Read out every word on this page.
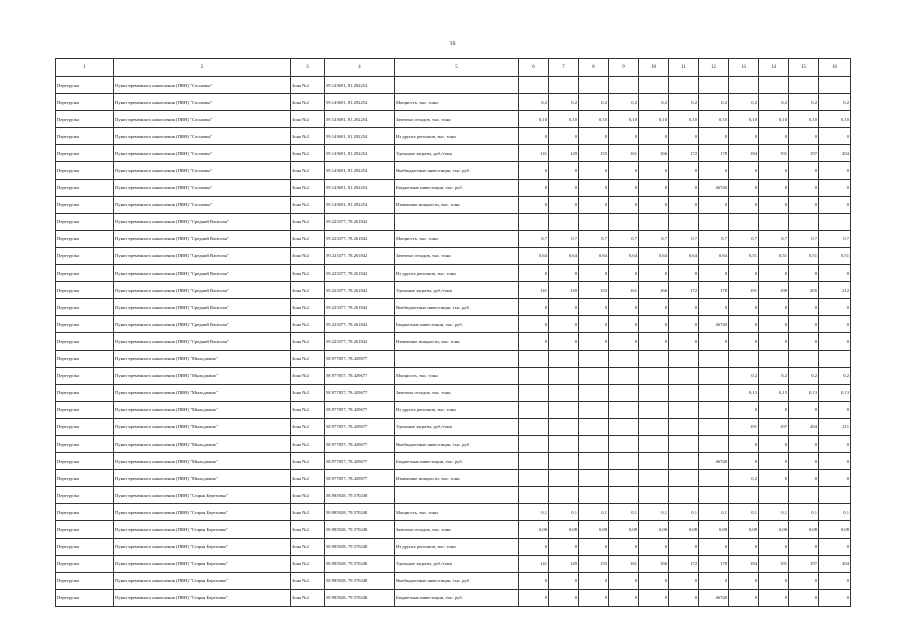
16
1	2	3	4	5	6	7	8	9	10	11	12	13	14	15	16
Перегрузка	Пункт временного накопления (ПВН) "Сосновка"	Зона №2	59.143691, 81.292254												
Перегрузка	Пункт временного накопления (ПВН) "Сосновка"	Зона №2	59.143691, 81.292254	Мощность, тыс. тонн	0,2	0,2	0,2	0,2	0,2	0,2	0,2	0,2	0,2	0,2	0,2
Перегрузка	Пункт временного накопления (ПВН) "Сосновка"	Зона №2	59.143691, 81.292254	Завезено отходов, тыс. тонн	0,10	0,10	0,10	0,10	0,10	0,10	0,10	0,10	0,10	0,10	0,10
Перегрузка	Пункт временного накопления (ПВН) "Сосновка"	Зона №2	59.143691, 81.292254	Из других регионов, тыс. тонн	0	0	0	0	0	0	0	0	0	0	0
Перегрузка	Пункт временного накопления (ПВН) "Сосновка"	Зона №2	59.143691, 81.292254	Удельные затраты, руб./тонн	141	149	155	161	166	172	178	184	191	197	204
Перегрузка	Пункт временного накопления (ПВН) "Сосновка"	Зона №2	59.143691, 81.292254	Внебюджетные инвестиции, тыс. руб.	0	0	0	0	0	0	0	0	0	0	0
Перегрузка	Пункт временного накопления (ПВН) "Сосновка"	Зона №2	59.143691, 81.292254	Бюджетные инвестиции, тыс. руб.	0	0	0	0	0	0	46740	0	0	0	0
Перегрузка	Пункт временного накопления (ПВН) "Сосновка"	Зона №2	59.143691, 81.292254	Изменение мощности, тыс. тонн	0	0	0	0	0	0	0	0	0	0	0
Перегрузка	Пункт временного накопления (ПВН) "Средний Васюган"	Зона №2	59.223377, 78.261842												
Перегрузка	Пункт временного накопления (ПВН) "Средний Васюган"	Зона №2	59.223377, 78.261842	Мощность, тыс. тонн	0,7	0,7	0,7	0,7	0,7	0,7	0,7	0,7	0,7	0,7	0,7
Перегрузка	Пункт временного накопления (ПВН) "Средний Васюган"	Зона №2	59.223377, 78.261842	Завезено отходов, тыс. тонн	0,64	0,64	0,64	0,64	0,64	0,64	0,64	0,51	0,51	0,51	0,51
Перегрузка	Пункт временного накопления (ПВН) "Средний Васюган"	Зона №2	59.223377, 78.261842	Из других регионов, тыс. тонн	0	0	0	0	0	0	0	0	0	0	0
Перегрузка	Пункт временного накопления (ПВН) "Средний Васюган"	Зона №2	59.223377, 78.261842	Удельные затраты, руб./тонн	141	149	155	161	166	172	178	191	198	205	212
Перегрузка	Пункт временного накопления (ПВН) "Средний Васюган"	Зона №2	59.223377, 78.261842	Внебюджетные инвестиции, тыс. руб.	0	0	0	0	0	0	0	0	0	0	0
Перегрузка	Пункт временного накопления (ПВН) "Средний Васюган"	Зона №2	59.223377, 78.261842	Бюджетные инвестиции, тыс. руб.	0	0	0	0	0	0	46740	0	0	0	0
Перегрузка	Пункт временного накопления (ПВН) "Средний Васюган"	Зона №2	59.223377, 78.261842	Изменение мощности, тыс. тонн	0	0	0	0	0	0	0	0	0	0	0
Перегрузка	Пункт временного накопления (ПВН) "Мыльджино"	Зона №2	58.977857, 78.429677												
Перегрузка	Пункт временного накопления (ПВН) "Мыльджино"	Зона №2	58.977857, 78.429677	Мощность, тыс. тонн								0,2	0,2	0,2	0,2
Перегрузка	Пункт временного накопления (ПВН) "Мыльджино"	Зона №2	58.977857, 78.429677	Завезено отходов, тыс. тонн								0,13	0,13	0,13	0,13
Перегрузка	Пункт временного накопления (ПВН) "Мыльджино"	Зона №2	58.977857, 78.429677	Из других регионов, тыс. тонн								0	0	0	0
Перегрузка	Пункт временного накопления (ПВН) "Мыльджино"	Зона №2	58.977857, 78.429677	Удельные затраты, руб./тонн								191	197	204	211
Перегрузка	Пункт временного накопления (ПВН) "Мыльджино"	Зона №2	58.977857, 78.429677	Внебюджетные инвестиции, тыс. руб.								0	0	0	0
Перегрузка	Пункт временного накопления (ПВН) "Мыльджино"	Зона №2	58.977857, 78.429677	Бюджетные инвестиции, тыс. руб.							46740	0	0	0	0
Перегрузка	Пункт временного накопления (ПВН) "Мыльджино"	Зона №2	58.977857, 78.429677	Изменение мощности, тыс. тонн								0,2	0	0	0
Перегрузка	Пункт временного накопления (ПВН) "Старая Березовка"	Зона №2	58.985928, 79.570248												
Перегрузка	Пункт временного накопления (ПВН) "Старая Березовка"	Зона №2	58.985928, 79.570248	Мощность, тыс. тонн	0,1	0,1	0,1	0,1	0,1	0,1	0,1	0,1	0,1	0,1	0,1
Перегрузка	Пункт временного накопления (ПВН) "Старая Березовка"	Зона №2	58.985928, 79.570248	Завезено отходов, тыс. тонн	0,08	0,08	0,08	0,08	0,08	0,08	0,08	0,08	0,08	0,08	0,08
Перегрузка	Пункт временного накопления (ПВН) "Старая Березовка"	Зона №2	58.985928, 79.570248	Из других регионов, тыс. тонн	0	0	0	0	0	0	0	0	0	0	0
Перегрузка	Пункт временного накопления (ПВН) "Старая Березовка"	Зона №2	58.985928, 79.570248	Удельные затраты, руб./тонн	141	149	155	161	166	172	178	184	191	197	204
Перегрузка	Пункт временного накопления (ПВН) "Старая Березовка"	Зона №2	58.985928, 79.570248	Внебюджетные инвестиции, тыс. руб.	0	0	0	0	0	0	0	0	0	0	0
Перегрузка	Пункт временного накопления (ПВН) "Старая Березовка"	Зона №2	58.985928, 79.570248	Бюджетные инвестиции, тыс. руб.	0	0	0	0	0	0	46740	0	0	0	0
